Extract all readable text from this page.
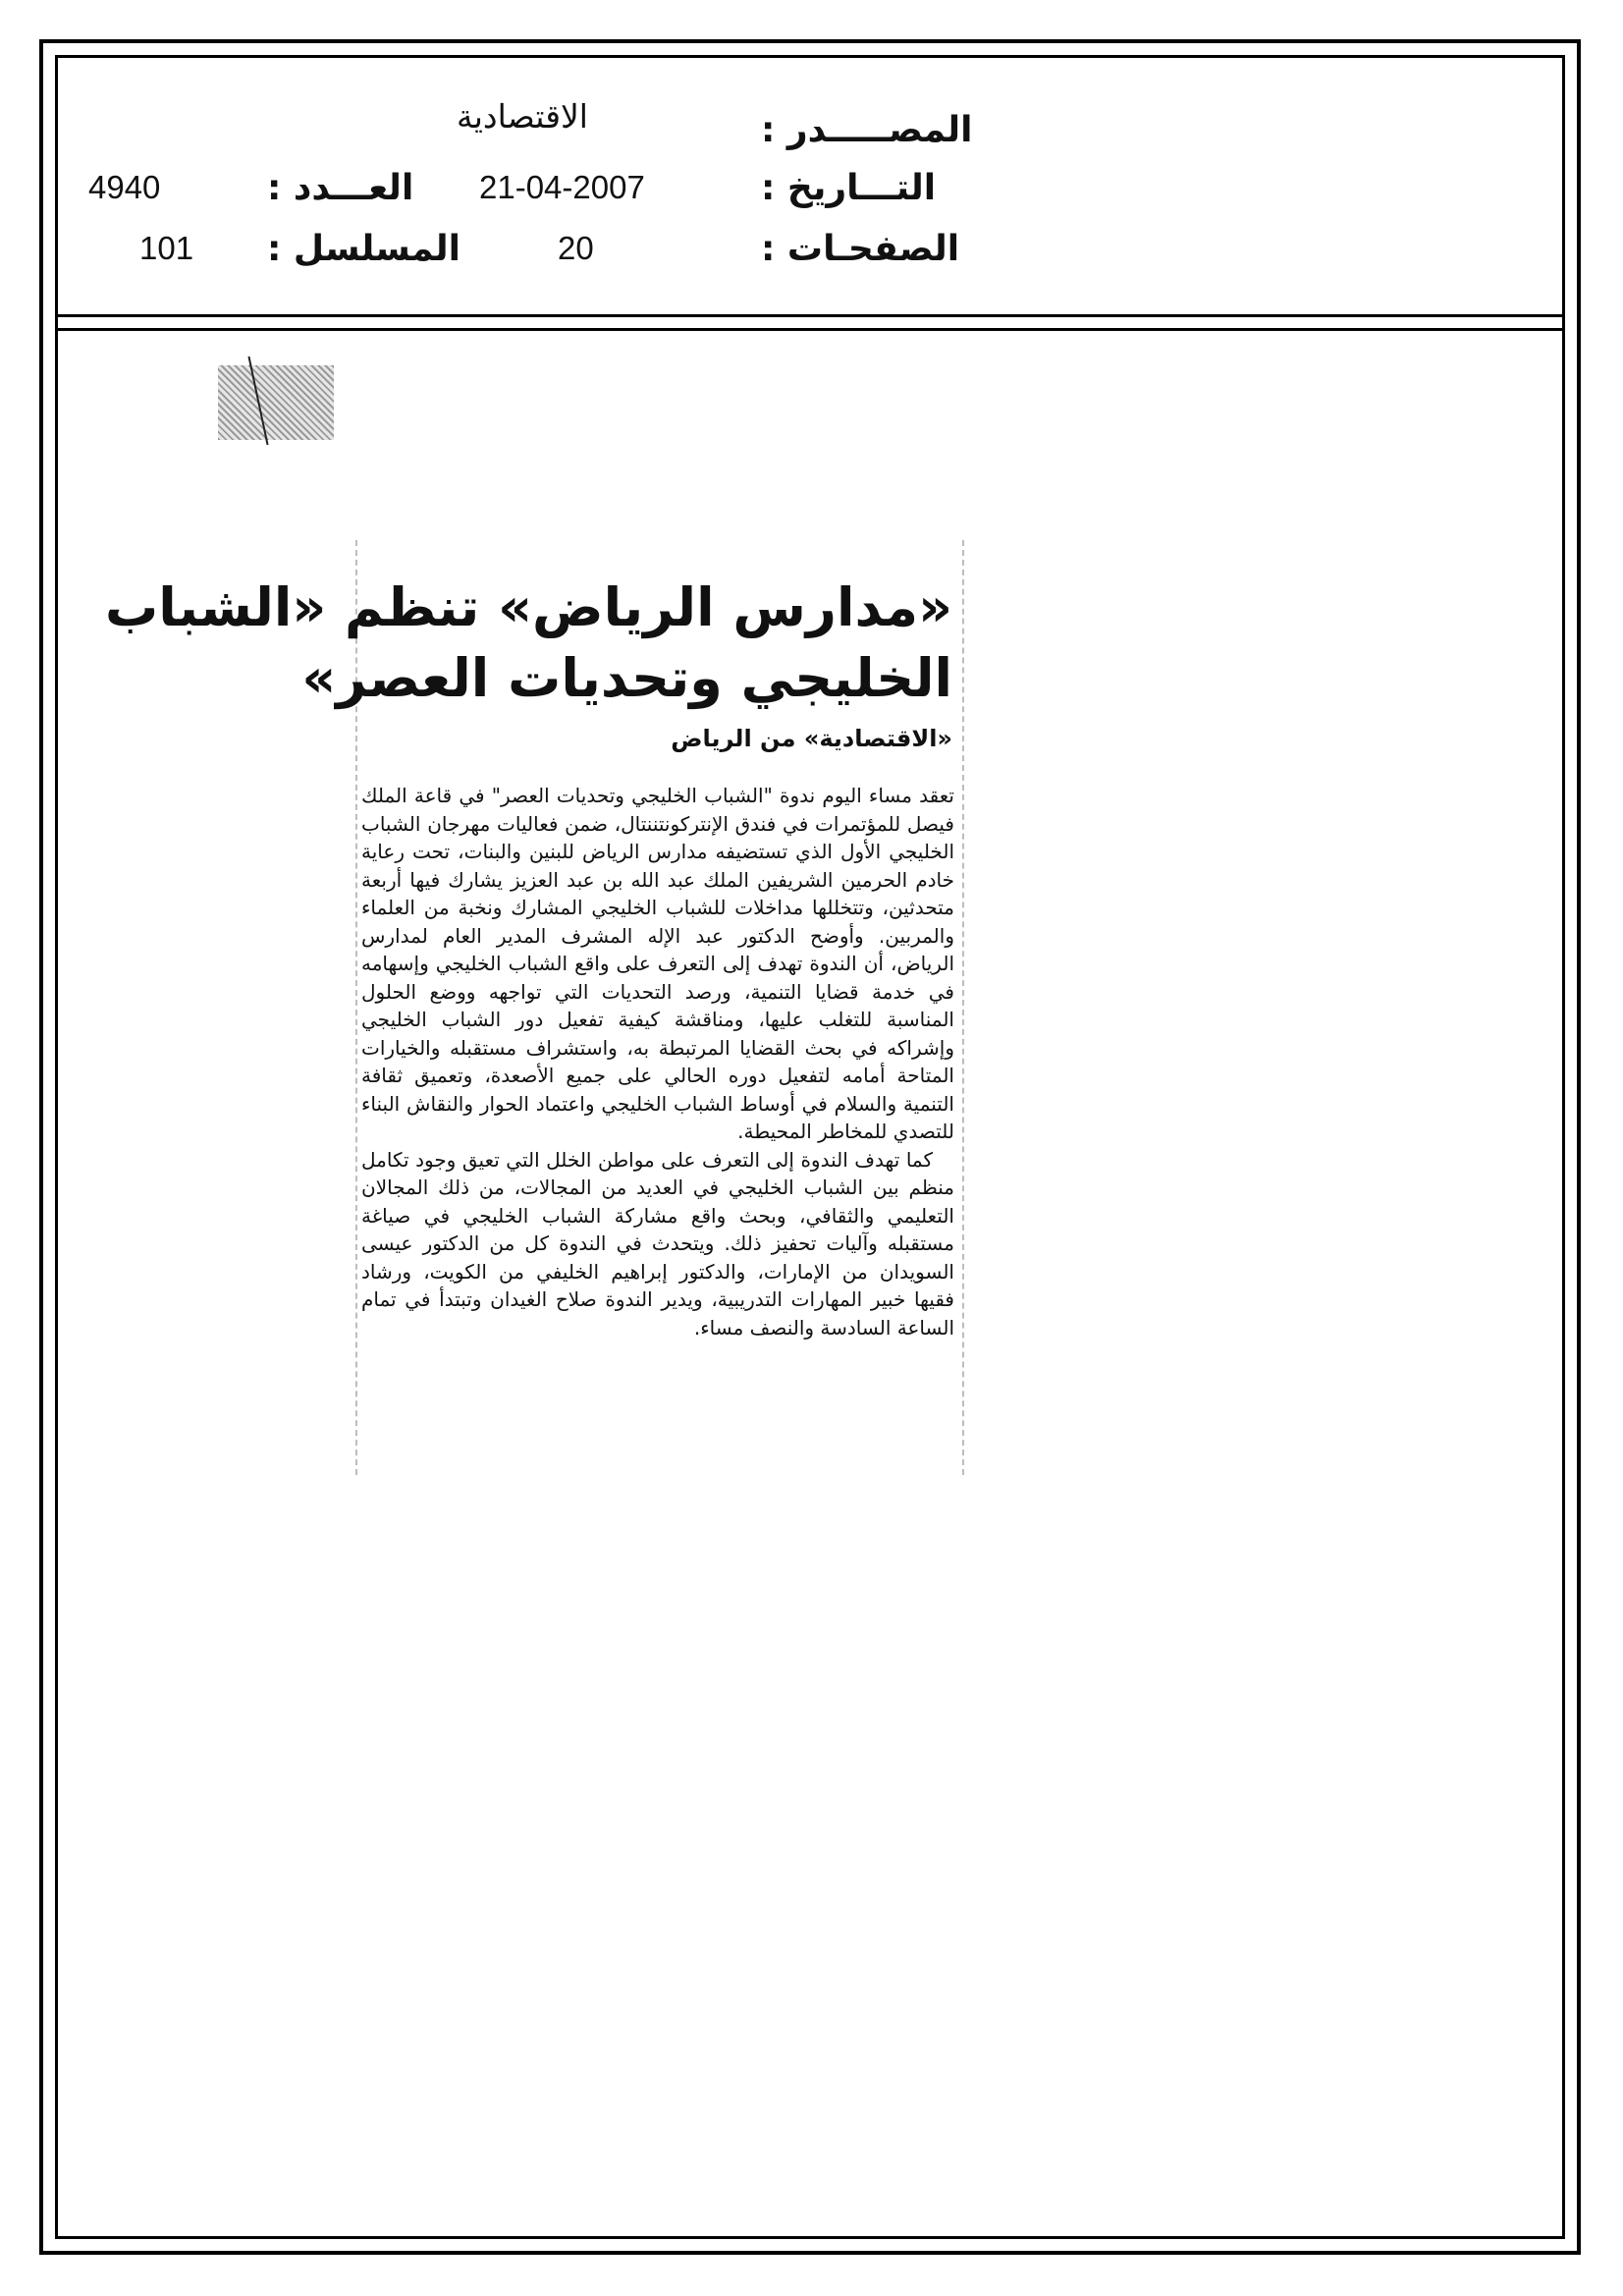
المصـــــدر :
الاقتصادية
التـــاريخ :
21-04-2007
الصفحـات :
20
العـــدد :
4940
المسلسل :
101
«مدارس الرياض» تنظم «الشباب
الخليجي وتحديات العصر»
«الاقتصادية» من الرياض

تعقد مساء اليوم ندوة "الشباب الخليجي وتحديات العصر" في قاعة الملك فيصل للمؤتمرات في فندق الإنتركونتننتال، ضمن فعاليات مهرجان الشباب الخليجي الأول الذي تستضيفه مدارس الرياض للبنين والبنات، تحت رعاية خادم الحرمين الشريفين الملك عبد الله بن عبد العزيز يشارك فيها أربعة متحدثين، وتتخللها مداخلات للشباب الخليجي المشارك ونخبة من العلماء والمربين. وأوضح الدكتور عبد الإله المشرف المدير العام لمدارس الرياض، أن الندوة تهدف إلى التعرف على واقع الشباب الخليجي وإسهامه في خدمة قضايا التنمية، ورصد التحديات التي تواجهه ووضع الحلول المناسبة للتغلب عليها، ومناقشة كيفية تفعيل دور الشباب الخليجي وإشراكه في بحث القضايا المرتبطة به، واستشراف مستقبله والخيارات المتاحة أمامه لتفعيل دوره الحالي على جميع الأصعدة، وتعميق ثقافة التنمية والسلام في أوساط الشباب الخليجي واعتماد الحوار والنقاش البناء للتصدي للمخاطر المحيطة.

كما تهدف الندوة إلى التعرف على مواطن الخلل التي تعيق وجود تكامل منظم بين الشباب الخليجي في العديد من المجالات، من ذلك المجالان التعليمي والثقافي، وبحث واقع مشاركة الشباب الخليجي في صياغة مستقبله وآليات تحفيز ذلك. ويتحدث في الندوة كل من الدكتور عيسى السويدان من الإمارات، والدكتور إبراهيم الخليفي من الكويت، ورشاد فقيها خبير المهارات التدريبية، ويدير الندوة صلاح الغيدان وتبتدأ في تمام الساعة السادسة والنصف مساء.
